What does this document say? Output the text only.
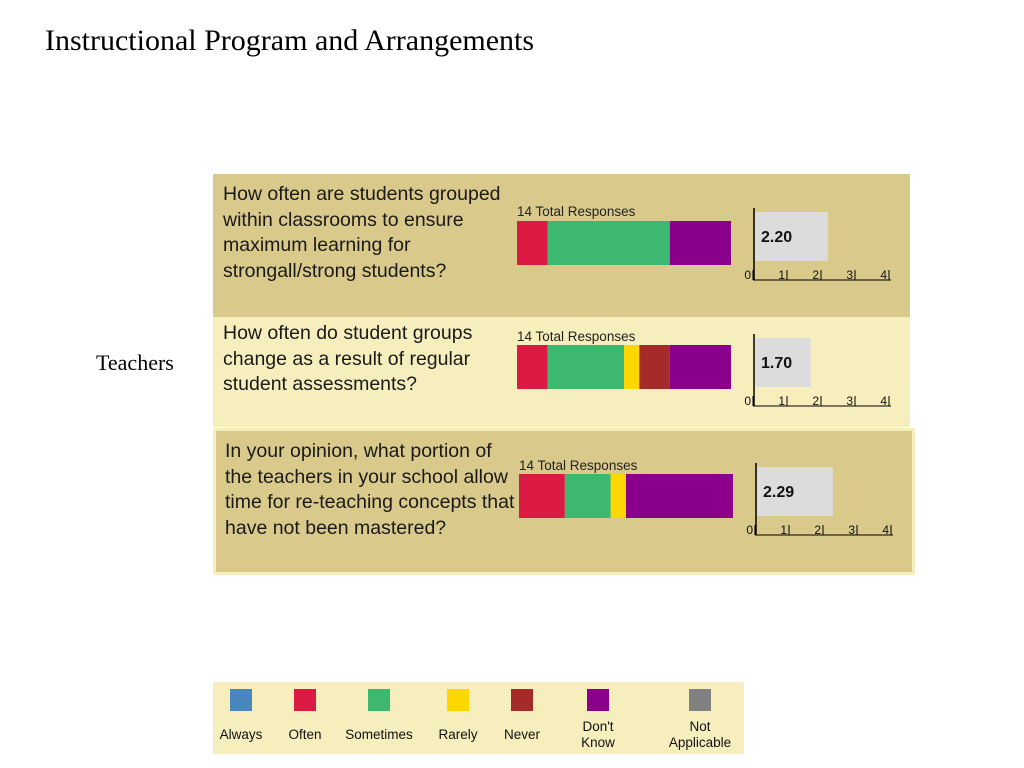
Instructional Program and Arrangements
Teachers
How often are students grouped within classrooms to ensure maximum learning for strongall/strong students?
14 Total Responses
2.20
0 1 2 3 4
How often do student groups change as a result of regular student assessments?
14 Total Responses
1.70
0 1 2 3 4
In your opinion, what portion of the teachers in your school allow time for re-teaching concepts that have not been mastered?
14 Total Responses
2.29
0 1 2 3 4
Always	Often	Sometimes	Rarely	Never
Don't
Know
Not
Applicable
